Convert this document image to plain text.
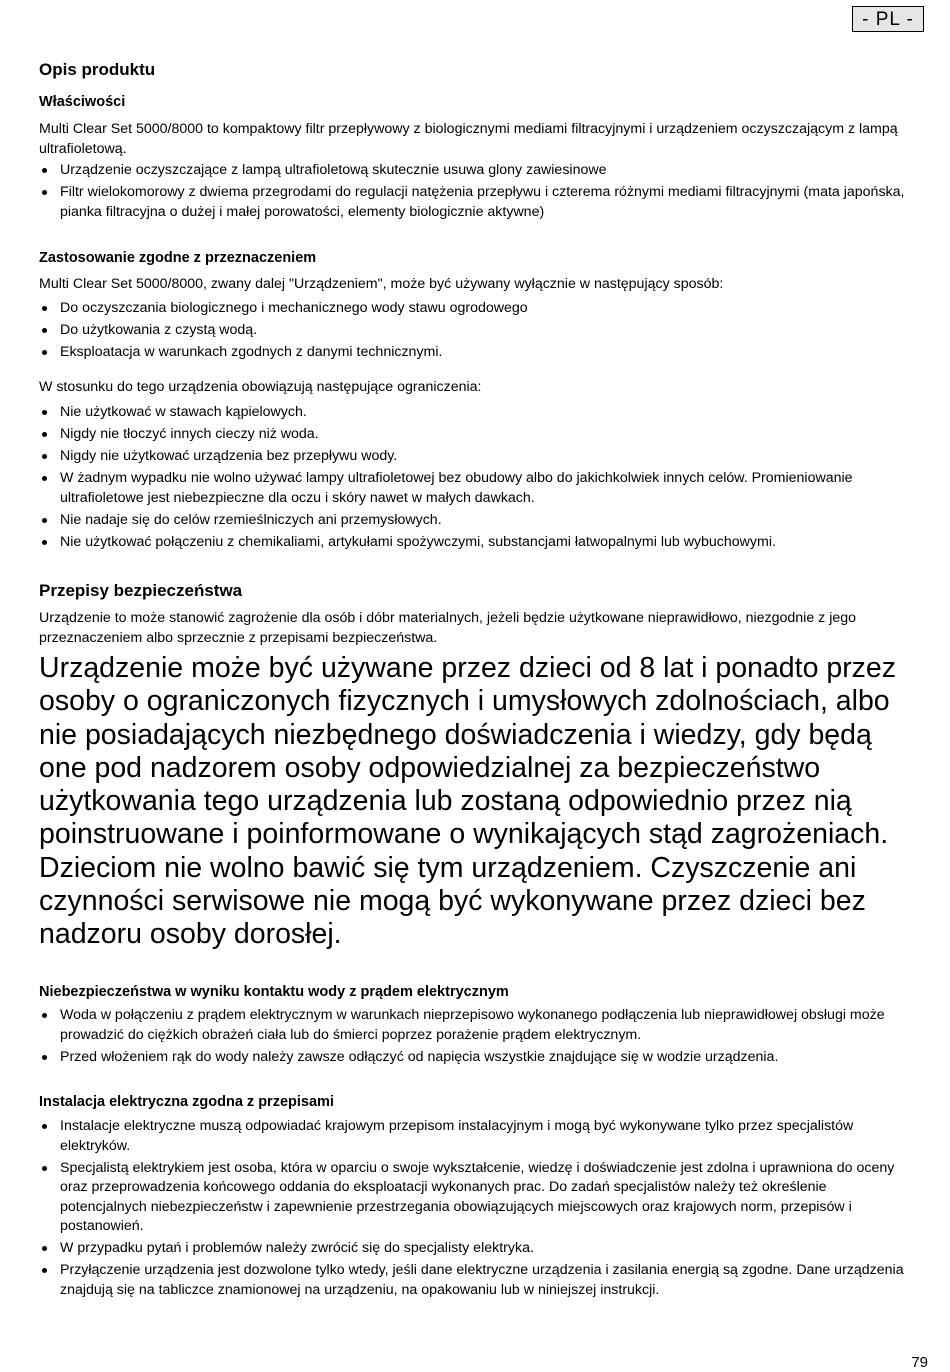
- PL -
Opis produktu
Właściwości
Multi Clear Set 5000/8000 to kompaktowy filtr przepływowy z biologicznymi mediami filtracyjnymi i urządzeniem oczyszczającym z lampą ultrafioletową.
Urządzenie oczyszczające z lampą ultrafioletową skutecznie usuwa glony zawiesinowe
Filtr wielokomorowy z dwiema przegrodami do regulacji natężenia przepływu i czterema różnymi mediami filtracyjnymi (mata japońska, pianka filtracyjna o dużej i małej porowatości, elementy biologicznie aktywne)
Zastosowanie zgodne z przeznaczeniem
Multi Clear Set 5000/8000, zwany dalej "Urządzeniem", może być używany wyłącznie w następujący sposób:
Do oczyszczania biologicznego i mechanicznego wody stawu ogrodowego
Do użytkowania z czystą wodą.
Eksploatacja w warunkach zgodnych z danymi technicznymi.
W stosunku do tego urządzenia obowiązują następujące ograniczenia:
Nie użytkować w stawach kąpielowych.
Nigdy nie tłoczyć innych cieczy niż woda.
Nigdy nie użytkować urządzenia bez przepływu wody.
W żadnym wypadku nie wolno używać lampy ultrafioletowej bez obudowy albo do jakichkolwiek innych celów. Promieniowanie ultrafioletowe jest niebezpieczne dla oczu i skóry nawet w małych dawkach.
Nie nadaje się do celów rzemieślniczych ani przemysłowych.
Nie użytkować połączeniu z chemikaliami, artykułami spożywczymi, substancjami łatwopalnymi lub wybuchowymi.
Przepisy bezpieczeństwa
Urządzenie to może stanowić zagrożenie dla osób i dóbr materialnych, jeżeli będzie użytkowane nieprawidłowo, niezgodnie z jego przeznaczeniem albo sprzecznie z przepisami bezpieczeństwa.
Urządzenie może być używane przez dzieci od 8 lat i ponadto przez osoby o ograniczonych fizycznych i umysłowych zdolnościach, albo nie posiadających niezbędnego doświadczenia i wiedzy, gdy będą one pod nadzorem osoby odpowiedzialnej za bezpieczeństwo użytkowania tego urządzenia lub zostaną odpowiednio przez nią poinstruowane i poinformowane o wynikających stąd zagrożeniach. Dzieciom nie wolno bawić się tym urządzeniem. Czyszczenie ani czynności serwisowe nie mogą być wykonywane przez dzieci bez nadzoru osoby dorosłej.
Niebezpieczeństwa w wyniku kontaktu wody z prądem elektrycznym
Woda w połączeniu z prądem elektrycznym w warunkach nieprzepisowo wykonanego podłączenia lub nieprawidłowej obsługi może prowadzić do ciężkich obrażeń ciała lub do śmierci poprzez porażenie prądem elektrycznym.
Przed włożeniem rąk do wody należy zawsze odłączyć od napięcia wszystkie znajdujące się w wodzie urządzenia.
Instalacja elektryczna zgodna z przepisami
Instalacje elektryczne muszą odpowiadać krajowym przepisom instalacyjnym i mogą być wykonywane tylko przez specjalistów elektryków.
Specjalistą elektrykiem jest osoba, która w oparciu o swoje wykształcenie, wiedzę i doświadczenie jest zdolna i uprawniona do oceny oraz przeprowadzenia końcowego oddania do eksploatacji wykonanych prac. Do zadań specjalistów należy też określenie potencjalnych niebezpieczeństw i zapewnienie przestrzegania obowiązujących miejscowych oraz krajowych norm, przepisów i postanowień.
W przypadku pytań i problemów należy zwrócić się do specjalisty elektryka.
Przyłączenie urządzenia jest dozwolone tylko wtedy, jeśli dane elektryczne urządzenia i zasilania energią są zgodne. Dane urządzenia znajdują się na tabliczce znamionowej na urządzeniu, na opakowaniu lub w niniejszej instrukcji.
79
